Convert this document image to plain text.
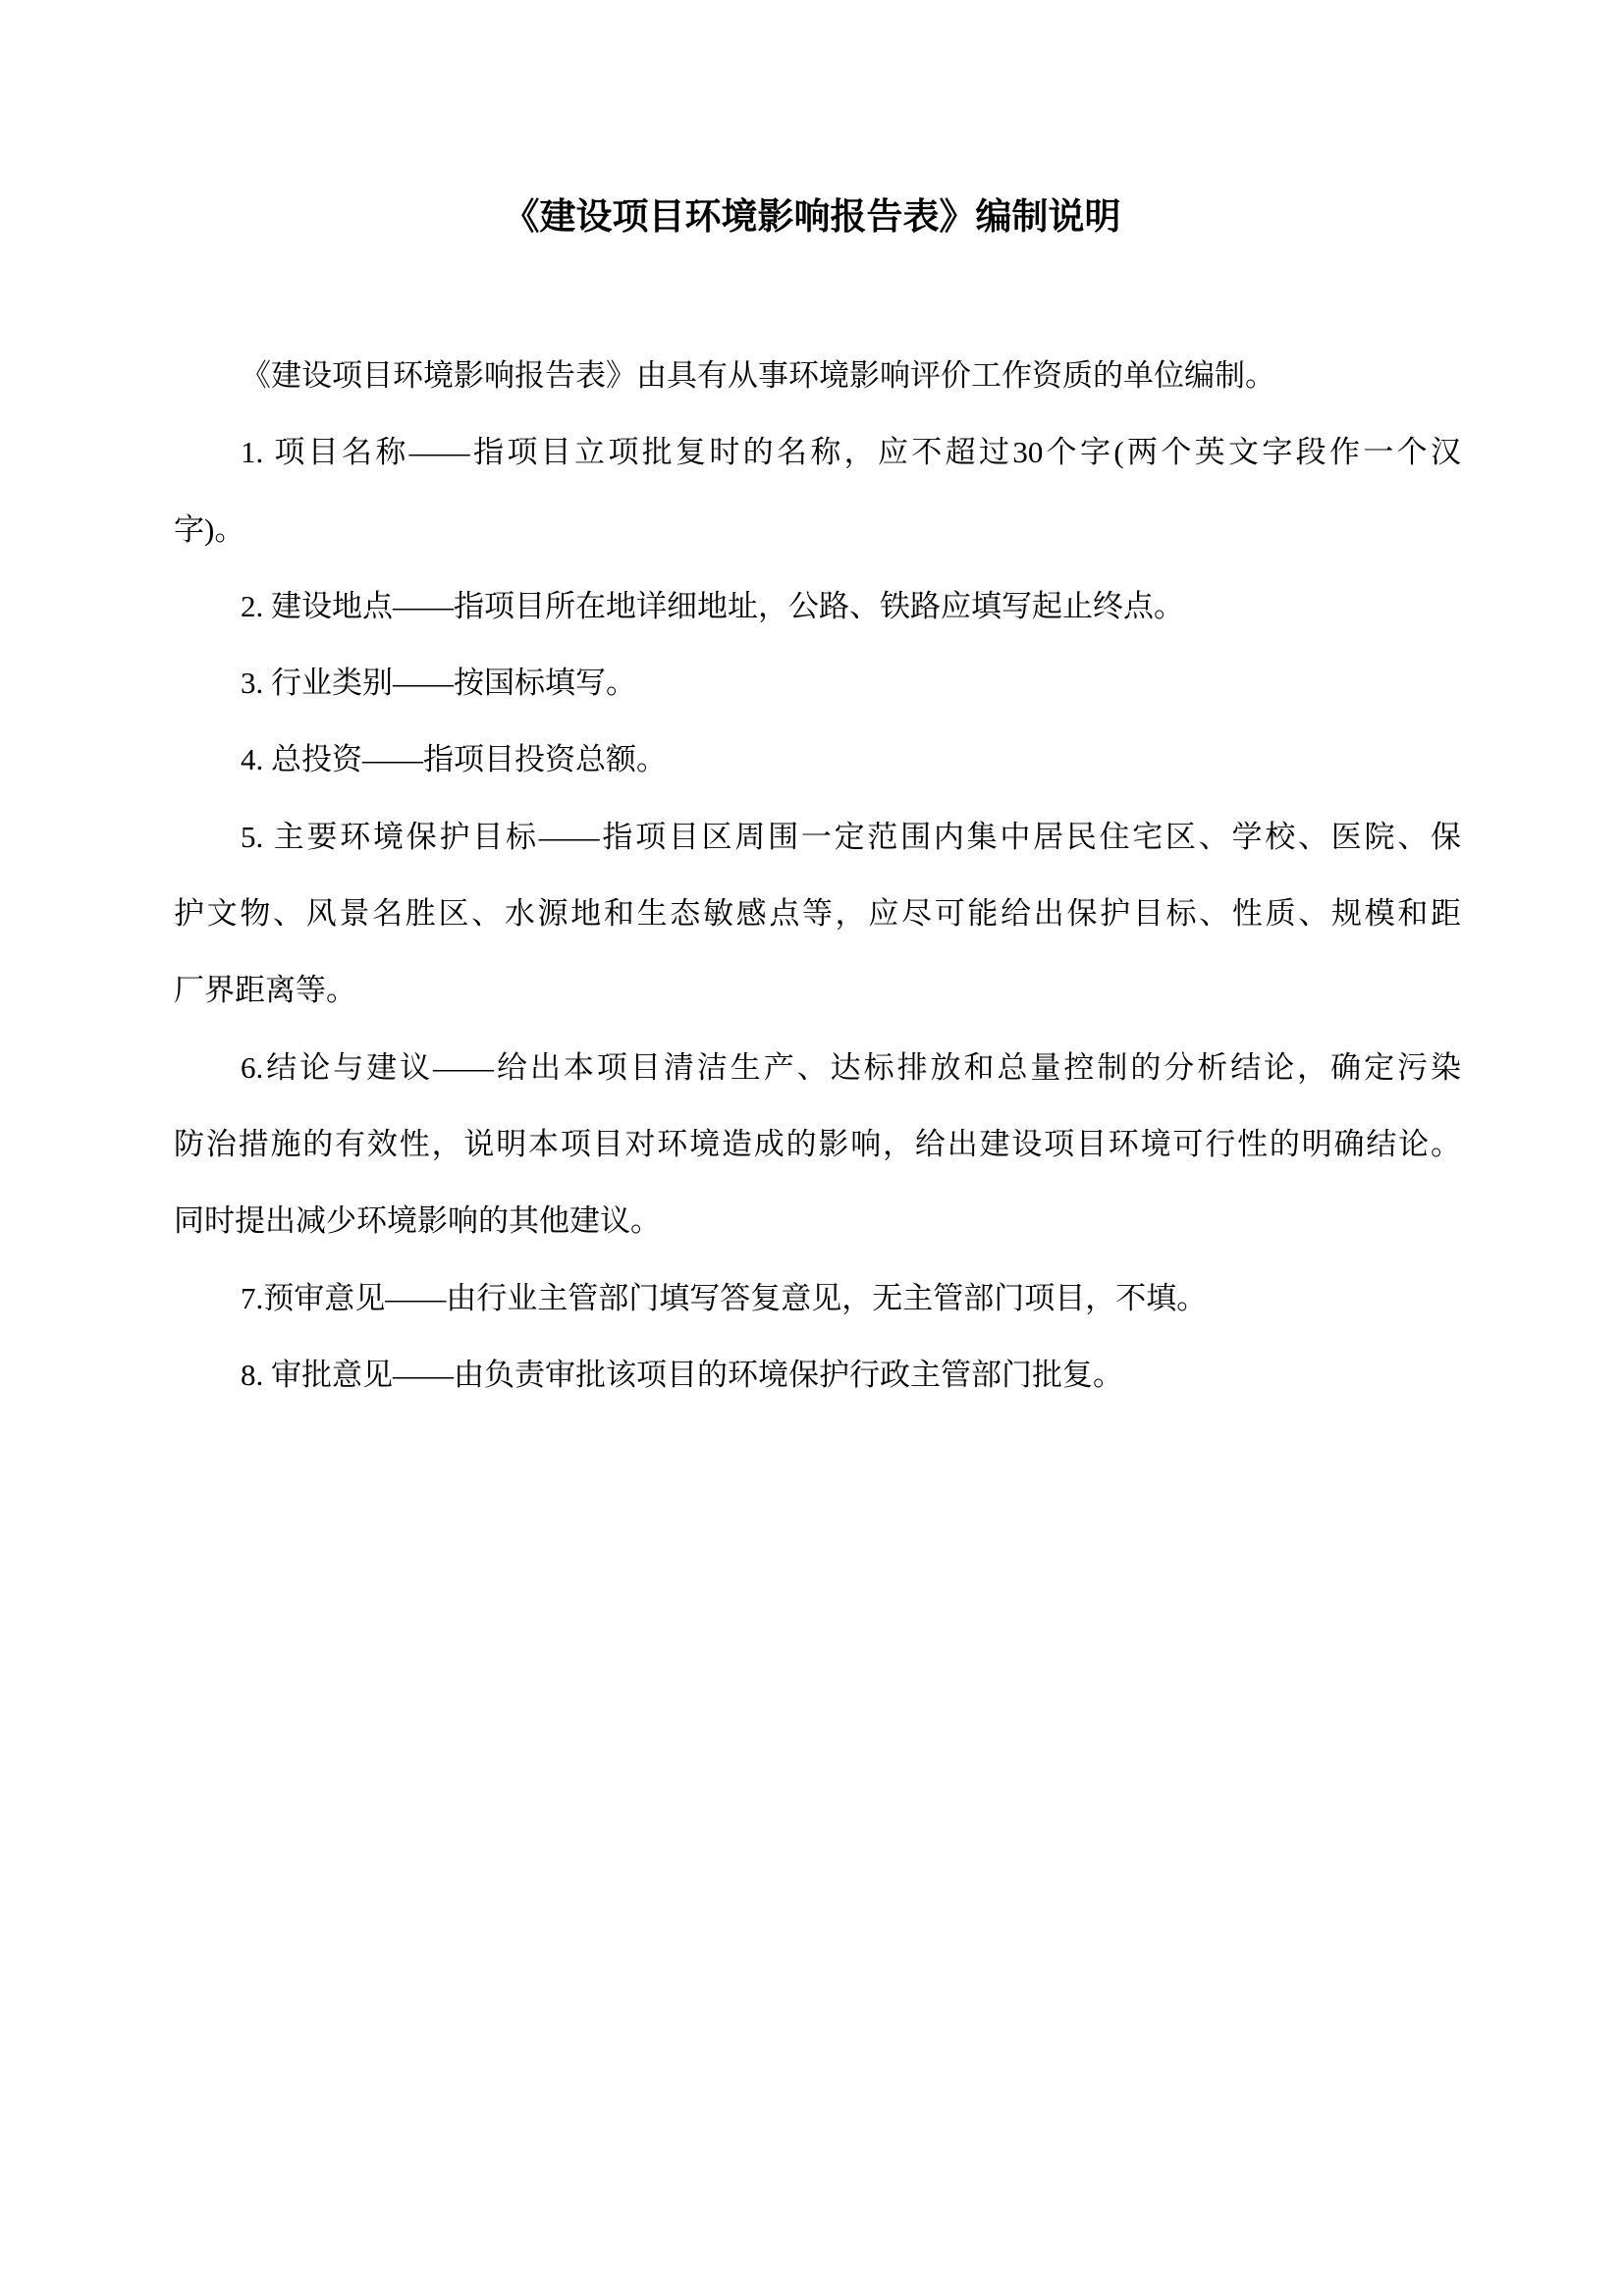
《建设项目环境影响报告表》编制说明
《建设项目环境影响报告表》由具有从事环境影响评价工作资质的单位编制。
1. 项目名称——指项目立项批复时的名称，应不超过30个字(两个英文字段作一个汉
字)。
2. 建设地点——指项目所在地详细地址，公路、铁路应填写起止终点。
3. 行业类别——按国标填写。
4. 总投资——指项目投资总额。
5. 主要环境保护目标——指项目区周围一定范围内集中居民住宅区、学校、医院、保
护文物、风景名胜区、水源地和生态敏感点等，应尽可能给出保护目标、性质、规模和距
厂界距离等。
6.结论与建议——给出本项目清洁生产、达标排放和总量控制的分析结论，确定污染
防治措施的有效性，说明本项目对环境造成的影响，给出建设项目环境可行性的明确结论。
同时提出减少环境影响的其他建议。
7.预审意见——由行业主管部门填写答复意见，无主管部门项目，不填。
8. 审批意见——由负责审批该项目的环境保护行政主管部门批复。
